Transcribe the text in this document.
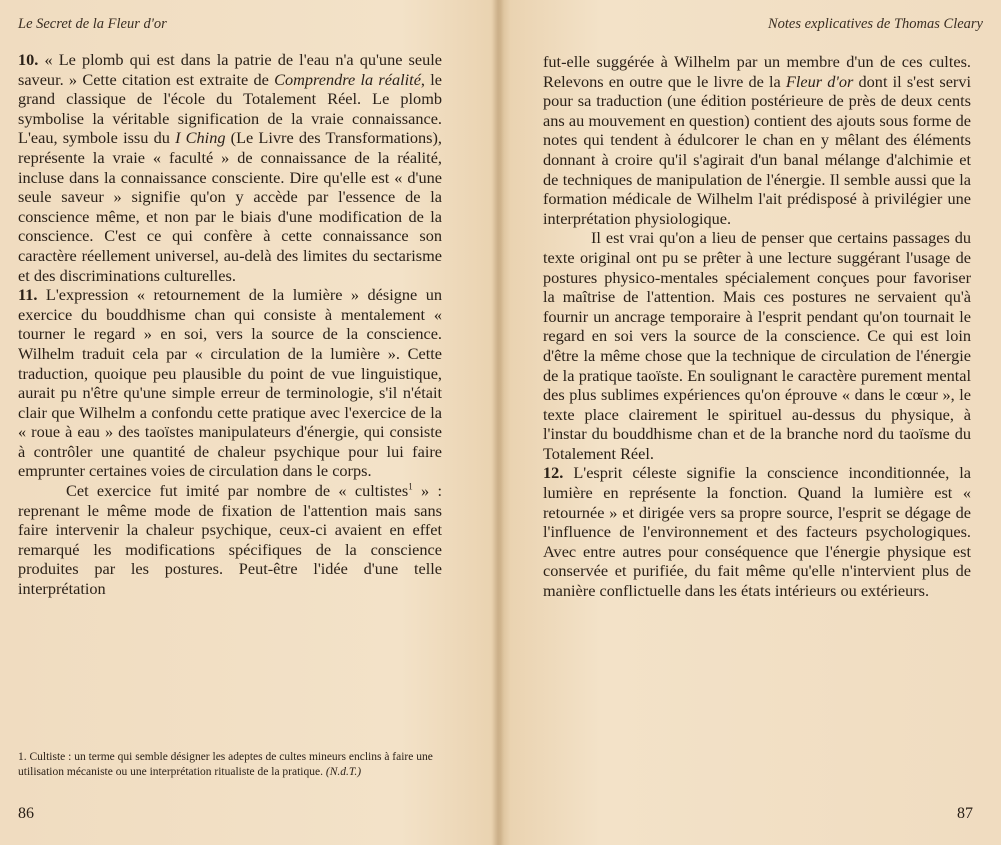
Le Secret de la Fleur d'or

10. « Le plomb qui est dans la patrie de l'eau n'a qu'une seule saveur. » Cette citation est extraite de Comprendre la réalité, le grand classique de l'école du Totalement Réel. Le plomb symbolise la véritable signification de la vraie connaissance. L'eau, symbole issu du I Ching (Le Livre des Transformations), représente la vraie « faculté » de connaissance de la réalité, incluse dans la connaissance consciente. Dire qu'elle est « d'une seule saveur » signifie qu'on y accède par l'essence de la conscience même, et non par le biais d'une modification de la conscience. C'est ce qui confère à cette connaissance son caractère réellement universel, au-delà des limites du sectarisme et des discriminations culturelles.

11. L'expression « retournement de la lumière » désigne un exercice du bouddhisme chan qui consiste à mentalement « tourner le regard » en soi, vers la source de la conscience. Wilhelm traduit cela par « circulation de la lumière ». Cette traduction, quoique peu plausible du point de vue linguistique, aurait pu n'être qu'une simple erreur de terminologie, s'il n'était clair que Wilhelm a confondu cette pratique avec l'exercice de la « roue à eau » des taoïstes manipulateurs d'énergie, qui consiste à contrôler une quantité de chaleur psychique pour lui faire emprunter certaines voies de circulation dans le corps.

Cet exercice fut imité par nombre de « cultistes$^1$ » : reprenant le même mode de fixation de l'attention mais sans faire intervenir la chaleur psychique, ceux-ci avaient en effet remarqué les modifications spécifiques de la conscience produites par les postures. Peut-être l'idée d'une telle interprétation

1. Cultiste : un terme qui semble désigner les adeptes de cultes mineurs enclins à faire une utilisation mécaniste ou une interprétation ritualiste de la pratique. (N.d.T.)
86
Notes explicatives de Thomas Cleary

fut-elle suggérée à Wilhelm par un membre d'un de ces cultes. Relevons en outre que le livre de la Fleur d'or dont il s'est servi pour sa traduction (une édition postérieure de près de deux cents ans au mouvement en question) contient des ajouts sous forme de notes qui tendent à édulcorer le chan en y mêlant des éléments donnant à croire qu'il s'agirait d'un banal mélange d'alchimie et de techniques de manipulation de l'énergie. Il semble aussi que la formation médicale de Wilhelm l'ait prédisposé à privilégier une interprétation physiologique.

Il est vrai qu'on a lieu de penser que certains passages du texte original ont pu se prêter à une lecture suggérant l'usage de postures physico-mentales spécialement conçues pour favoriser la maîtrise de l'attention. Mais ces postures ne servaient qu'à fournir un ancrage temporaire à l'esprit pendant qu'on tournait le regard en soi vers la source de la conscience. Ce qui est loin d'être la même chose que la technique de circulation de l'énergie de la pratique taoïste. En soulignant le caractère purement mental des plus sublimes expériences qu'on éprouve « dans le cœur », le texte place clairement le spirituel au-dessus du physique, à l'instar du bouddhisme chan et de la branche nord du taoïsme du Totalement Réel.

12. L'esprit céleste signifie la conscience inconditionnée, la lumière en représente la fonction. Quand la lumière est « retournée » et dirigée vers sa propre source, l'esprit se dégage de l'influence de l'environnement et des facteurs psychologiques. Avec entre autres pour conséquence que l'énergie physique est conservée et purifiée, du fait même qu'elle n'intervient plus de manière conflictuelle dans les états intérieurs ou extérieurs.

87
